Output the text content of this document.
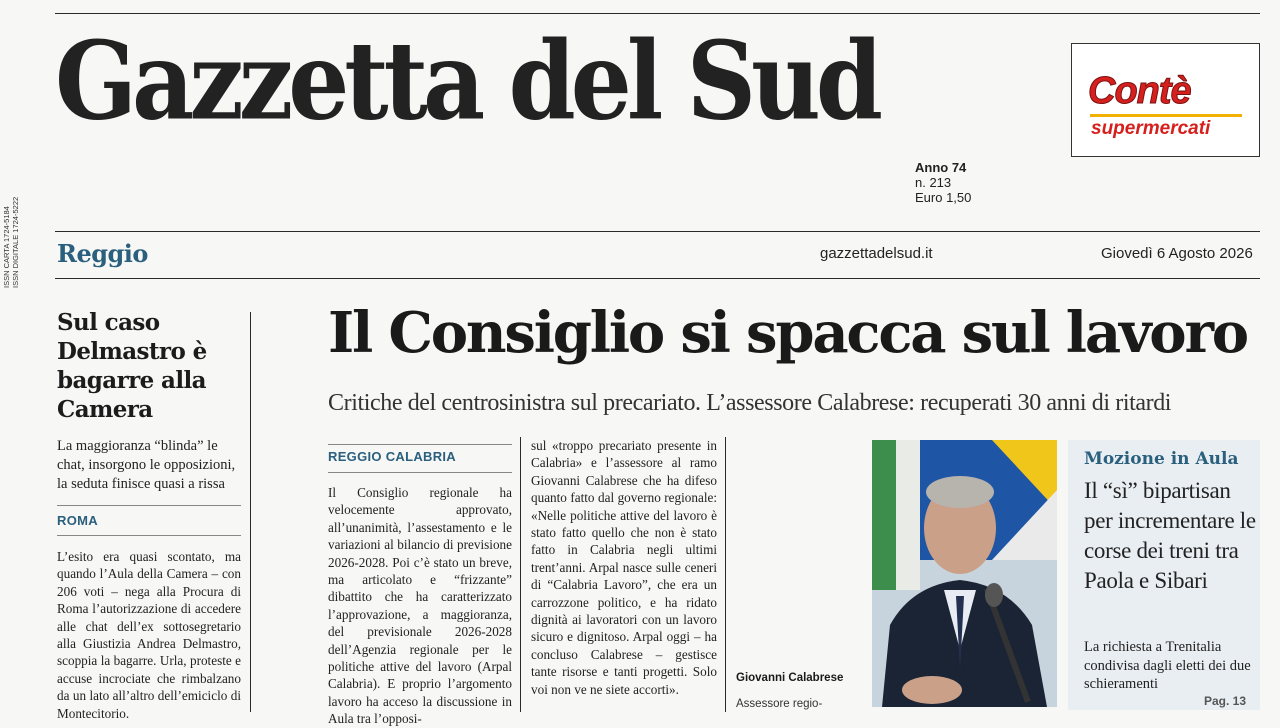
Gazzetta del Sud
ISSN CARTA 1724-5184 ISSN DIGITALE 1724-5222
Contè
supermercati
Anno 74
n. 213
Euro 1,50
Reggio	gazzettadelsud.it	Giovedì 6 Agosto 2026
Sul caso Delmastro è bagarre alla Camera
La maggioranza “blinda” le chat, insorgono le opposizioni, la seduta finisce quasi a rissa
ROMA
L’esito era quasi scontato, ma quando l’Aula della Camera – con 206 voti – nega alla Procura di Roma l’autorizzazione di accedere alle chat dell’ex sottosegretario alla Giustizia Andrea Delmastro, scoppia la bagarre. Urla, proteste e accuse incrociate che rimbalzano da un lato all’altro dell’emiciclo di Montecitorio.
Il Consiglio si spacca sul lavoro
Critiche del centrosinistra sul precariato. L’assessore Calabrese: recuperati 30 anni di ritardi
REGGIO CALABRIA
Il Consiglio regionale ha velocemente approvato, all’unanimità, l’assestamento e le variazioni al bilancio di previsione 2026-2028. Poi c’è stato un breve, ma articolato e “frizzante” dibattito che ha caratterizzato l’approvazione, a maggioranza, del previsionale 2026-2028 dell’Agenzia regionale per le politiche attive del lavoro (Arpal Calabria). E proprio l’argomento lavoro ha acceso la discussione in Aula tra l’opposi-
sul «troppo precariato presente in Calabria» e l’assessore al ramo Giovanni Calabrese che ha difeso quanto fatto dal governo regionale: «Nelle politiche attive del lavoro è stato fatto quello che non è stato fatto in Calabria negli ultimi trent’anni. Arpal nasce sulle ceneri di “Calabria Lavoro”, che era un carrozzone politico, e ha ridato dignità ai lavoratori con un lavoro sicuro e dignitoso. Arpal oggi – ha concluso Calabrese – gestisce tante risorse e tanti progetti. Solo voi non ve ne siete accorti».
Giovanni Calabrese
Assessore regio-
Mozione in Aula
Il “sì” bipartisan per incrementare le corse dei treni tra Paola e Sibari
La richiesta a Trenitalia condivisa dagli eletti dei due schieramenti
Pag. 13
